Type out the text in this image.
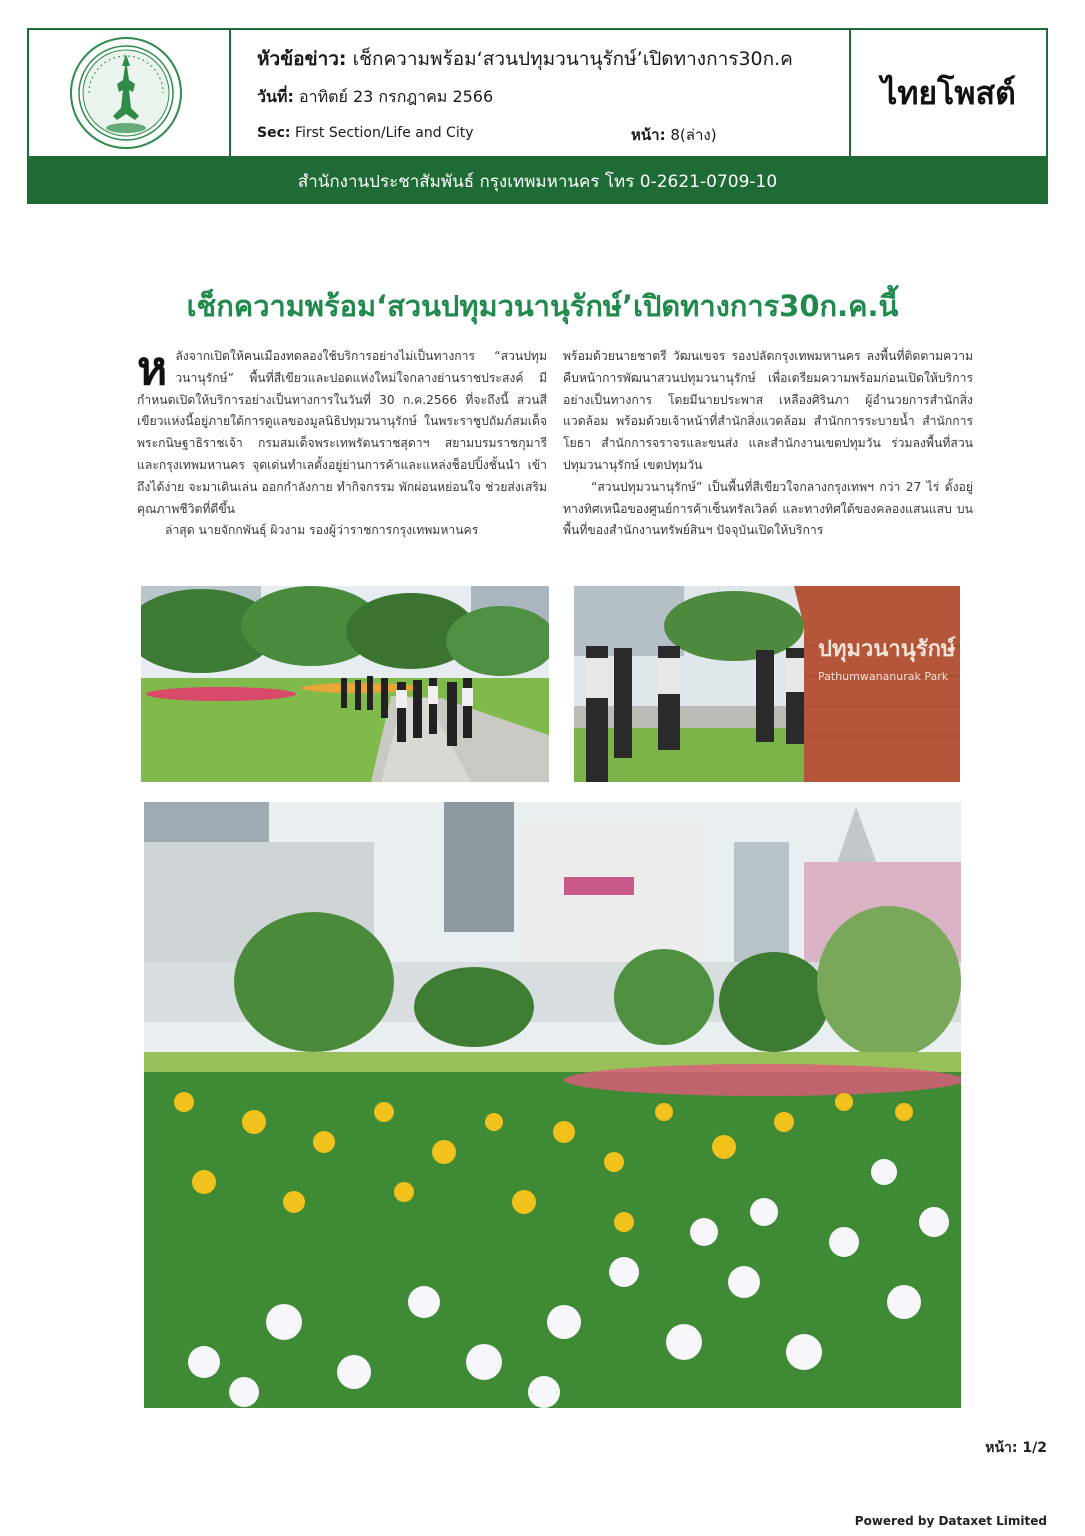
หัวข้อข่าว: เช็กความพร้อม‘สวนปทุมวนานุรักษ์’เปิดทางการ30ก.ค
วันที่: อาทิตย์ 23 กรกฎาคม 2566
Sec: First Section/Life and City	หน้า: 8(ล่าง)
ไทยโพสต์
สำนักงานประชาสัมพันธ์ กรุงเทพมหานคร โทร 0-2621-0709-10
เช็กความพร้อม‘สวนปทุมวนานุรักษ์’เปิดทางการ30ก.ค.นี้

ห ลังจากเปิดให้คนเมืองทดลองใช้บริการอย่างไม่เป็นทางการ “สวนปทุมวนานุรักษ์” พื้นที่สีเขียวและปอดแห่งใหม่ใจกลางย่านราชประสงค์ มีกำหนดเปิดให้บริการอย่างเป็นทางการในวันที่ 30 ก.ค.2566 ที่จะถึงนี้ สวนสีเขียวแห่งนี้อยู่ภายใต้การดูแลของมูลนิธิปทุมวนานุรักษ์ ในพระราชูปถัมภ์สมเด็จพระกนิษฐาธิราชเจ้า กรมสมเด็จพระเทพรัตนราชสุดาฯ สยามบรมราชกุมารี และกรุงเทพมหานคร จุดเด่นทำเลตั้งอยู่ย่านการค้าและแหล่งช็อปปิ้งชั้นนำ เข้าถึงได้ง่าย จะมาเดินเล่น ออกกำลังกาย ทำกิจกรรม พักผ่อนหย่อนใจ ช่วยส่งเสริมคุณภาพชีวิตที่ดีขึ้น

ล่าสุด นายจักกพันธุ์ ผิวงาม รองผู้ว่าราชการกรุงเทพมหานคร

พร้อมด้วยนายชาตรี วัฒนเขจร รองปลัดกรุงเทพมหานคร ลงพื้นที่ติดตามความคืบหน้าการพัฒนาสวนปทุมวนานุรักษ์ เพื่อเตรียมความพร้อมก่อนเปิดให้บริการอย่างเป็นทางการ โดยมีนายประพาส เหลืองศิรินภา ผู้อำนวยการสำนักสิ่งแวดล้อม พร้อมด้วยเจ้าหน้าที่สำนักสิ่งแวดล้อม สำนักการระบายน้ำ สำนักการโยธา สำนักการจราจรและขนส่ง และสำนักงานเขตปทุมวัน ร่วมลงพื้นที่สวนปทุมวนานุรักษ์ เขตปทุมวัน

“สวนปทุมวนานุรักษ์” เป็นพื้นที่สีเขียวใจกลางกรุงเทพฯ กว่า 27 ไร่ ตั้งอยู่ทางทิศเหนือของศูนย์การค้าเซ็นทรัลเวิลด์ และทางทิศใต้ของคลองแสนแสบ บนพื้นที่ของสำนักงานทรัพย์สินฯ ปัจจุบันเปิดให้บริการ

ปทุมวนานุรักษ์
Pathumwananurak Park
หน้า: 1/2
Powered by Dataxet Limited
